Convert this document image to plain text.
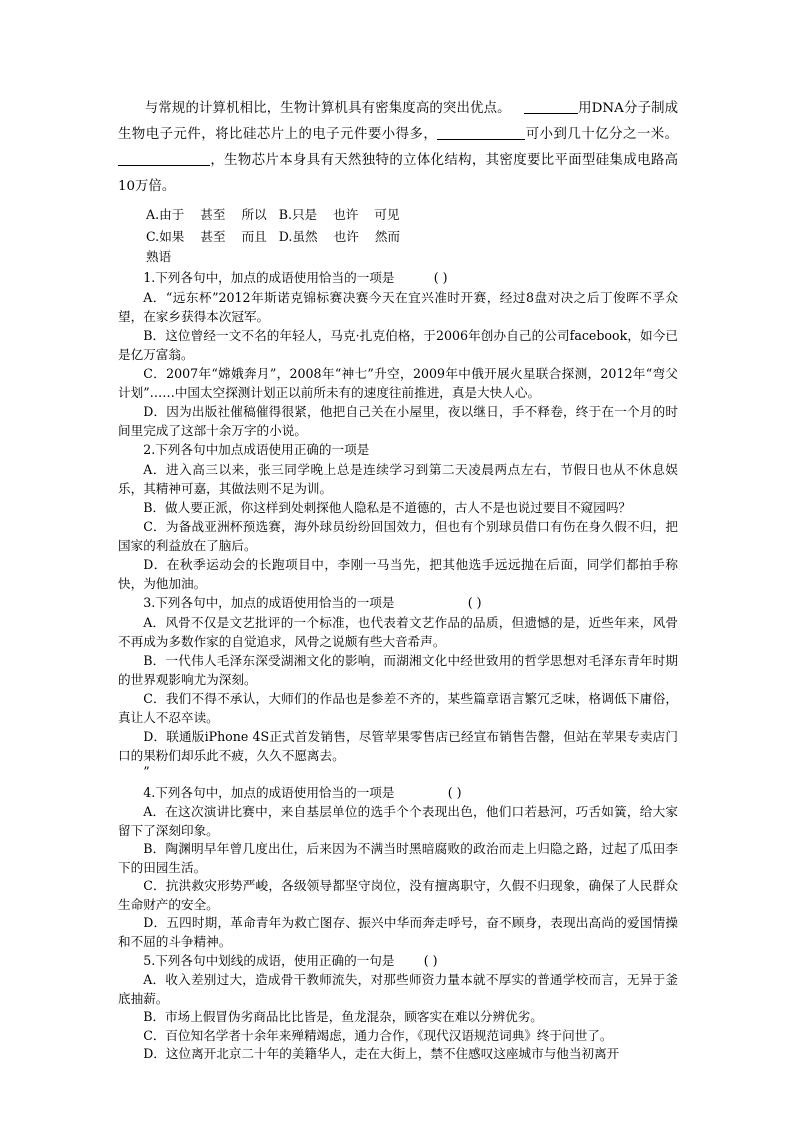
与常规的计算机相比，生物计算机具有密集度高的突出优点。	用DNA分子制成生物电子元件，将比硅芯片上的电子元件要小得多，	可小到几十亿分之一米。，生物芯片本身具有天然独特的立体化结构，其密度要比平面型硅集成电路高10万倍。

A.由于    甚至    所以   B.只是    也许    可见

C.如果    甚至    而且   D.虽然    也许    然而

熟语

1.下列各句中，加点的成语使用恰当的一项是	( )

A．“远东杯”2012年斯诺克锦标赛决赛今天在宜兴准时开赛，经过8盘对决之后丁俊晖不孚众望，在家乡获得本次冠军。

B．这位曾经一文不名的年轻人，马克·扎克伯格，于2006年创办自己的公司facebook，如今已是亿万富翁。

C．2007年“嫦娥奔月”，2008年“神七”升空，2009年中俄开展火星联合探测，2012年“弯父计划”……中国太空探测计划正以前所未有的速度往前推进，真是大快人心。

D．因为出版社催稿催得很紧，他把自己关在小屋里，夜以继日，手不释卷，终于在一个月的时间里完成了这部十余万字的小说。

2.下列各句中加点成语使用正确的一项是

A．进入高三以来，张三同学晚上总是连续学习到第二天凌晨两点左右，节假日也从不休息娱乐，其精神可嘉，其做法则不足为训。

B．做人要正派，你这样到处刺探他人隐私是不道德的，古人不是也说过要目不窥园吗？

C．为备战亚洲杯预选赛，海外球员纷纷回国效力，但也有个别球员借口有伤在身久假不归，把国家的利益放在了脑后。

D．在秋季运动会的长跑项目中，李刚一马当先，把其他选手远远抛在后面，同学们都拍手称快，为他加油。

3.下列各句中，加点的成语使用恰当的一项是	( )

A．风骨不仅是文艺批评的一个标准，也代表着文艺作品的品质，但遗憾的是，近些年来，风骨不再成为多数作家的自觉追求，风骨之说颇有些大音希声。

B．一代伟人毛泽东深受湖湘文化的影响，而湖湘文化中经世致用的哲学思想对毛泽东青年时期的世界观影响尤为深刻。

C．我们不得不承认，大师们的作品也是参差不齐的，某些篇章语言繁冗乏味，格调低下庸俗，真让人不忍卒读。

D．联通版iPhone 4S正式首发销售，尽管苹果零售店已经宣布销售告罄，但站在苹果专卖店门口的果粉们却乐此不疲，久久不愿离去。

”

4.下列各句中，加点的成语使用恰当的一项是	( )

A．在这次演讲比赛中，来自基层单位的选手个个表现出色，他们口若悬河，巧舌如簧，给大家留下了深刻印象。

B．陶渊明早年曾几度出仕，后来因为不满当时黑暗腐败的政治而走上归隐之路，过起了瓜田李下的田园生活。

C．抗洪救灾形势严峻，各级领导都坚守岗位，没有擅离职守，久假不归现象，确保了人民群众生命财产的安全。

D．五四时期，革命青年为救亡图存、振兴中华而奔走呼号，奋不顾身，表现出高尚的爱国情操和不屈的斗争精神。

5.下列各句中划线的成语，使用正确的一句是 ( )

A．收入差别过大，造成骨干教师流失，对那些师资力量本就不厚实的普通学校而言，无异于釜底抽薪。

B．市场上假冒伪劣商品比比皆是，鱼龙混杂，顾客实在难以分辨优劣。

C．百位知名学者十余年来殚精竭虑，通力合作，《现代汉语规范词典》终于问世了。

D．这位离开北京二十年的美籍华人，走在大街上，禁不住感叹这座城市与他当初离开
